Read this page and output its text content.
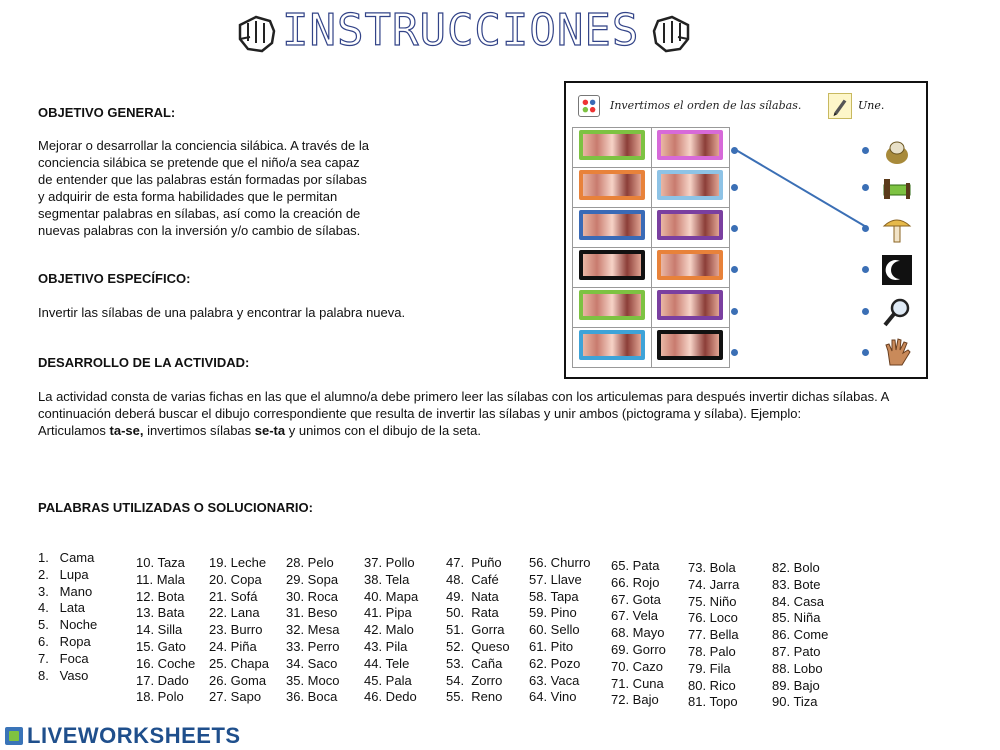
INSTRUCCIONES
OBJETIVO GENERAL:
Mejorar o desarrollar la conciencia silábica. A través de la
conciencia silábica se pretende que el niño/a sea capaz
de entender que las palabras están formadas por sílabas
y adquirir de esta forma habilidades que le permitan
segmentar palabras en sílabas, así como la creación de
nuevas palabras con la inversión y/o cambio de sílabas.
OBJETIVO ESPECÍFICO:
Invertir las sílabas de una palabra y encontrar la palabra nueva.
DESARROLLO DE LA ACTIVIDAD:
La actividad consta de varias fichas en las que el alumno/a debe primero leer las sílabas con los articulemas para después invertir dichas sílabas. A
continuación deberá buscar el dibujo correspondiente que resulta de invertir las sílabas y unir ambos (pictograma y sílaba). Ejemplo:
Articulamos ta-se, invertimos sílabas se-ta y unimos con el dibujo de la seta.
PALABRAS UTILIZADAS O SOLUCIONARIO:
Invertimos el orden de las sílabas.	Une.

1.   Cama
2.   Lupa
3.   Mano
4.   Lata
5.   Noche
6.   Ropa
7.   Foca
8.   Vaso
10. Taza
11. Mala
12. Bota
13. Bata
14. Silla
15. Gato
16. Coche
17. Dado
18. Polo
19. Leche
20. Copa
21. Sofá
22. Lana
23. Burro
24. Piña
25. Chapa
26. Goma
27. Sapo
28. Pelo
29. Sopa
30. Roca
31. Beso
32. Mesa
33. Perro
34. Saco
35. Moco
36. Boca
37. Pollo
38. Tela
40. Mapa
41. Pipa
42. Malo
43. Pila
44. Tele
45. Pala
46. Dedo
47.  Puño
48.  Café
49.  Nata
50.  Rata
51.  Gorra
52.  Queso
53.  Caña
54.  Zorro
55.  Reno
56. Churro
57. Llave
58. Tapa
59. Pino
60. Sello
61. Pito
62. Pozo
63. Vaca
64. Vino
65. Pata
66. Rojo
67. Gota
67. Vela
68. Mayo
69. Gorro
70. Cazo
71. Cuna
72. Bajo
73. Bola
74. Jarra
75. Niño
76. Loco
77. Bella
78. Palo
79. Fila
80. Rico
81. Topo
82. Bolo
83. Bote
84. Casa
85. Niña
86. Come
87. Pato
88. Lobo
89. Bajo
90. Tiza
LIVEWORKSHEETS
